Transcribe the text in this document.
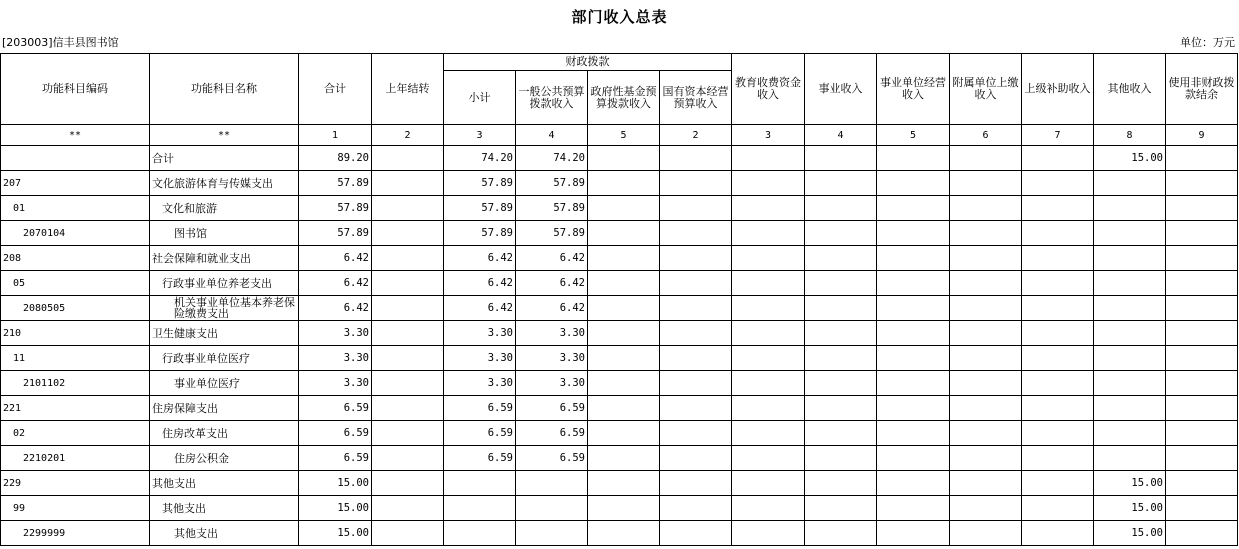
部门收入总表
[203003]信丰县图书馆	单位：万元
功能科目编码	功能科目名称	合计	上年结转	财政拨款				教育收费资金收入	事业收入	事业单位经营收入	附属单位上缴收入	上级补助收入	其他收入	使用非财政拨款结余
				小计	一般公共预算拨款收入	政府性基金预算拨款收入	国有资本经营预算收入							
**	**	1	2	3	4	5	2	3	4	5	6	7	8	9
	合计	89.20		74.20	74.20								15.00	
207	文化旅游体育与传媒支出	57.89		57.89	57.89									
01	文化和旅游	57.89		57.89	57.89									
2070104	图书馆	57.89		57.89	57.89									
208	社会保障和就业支出	6.42		6.42	6.42									
05	行政事业单位养老支出	6.42		6.42	6.42									
2080505	机关事业单位基本养老保险缴费支出	6.42		6.42	6.42									
210	卫生健康支出	3.30		3.30	3.30									
11	行政事业单位医疗	3.30		3.30	3.30									
2101102	事业单位医疗	3.30		3.30	3.30									
221	住房保障支出	6.59		6.59	6.59									
02	住房改革支出	6.59		6.59	6.59									
2210201	住房公积金	6.59		6.59	6.59									
229	其他支出	15.00											15.00	
99	其他支出	15.00											15.00	
2299999	其他支出	15.00											15.00	
